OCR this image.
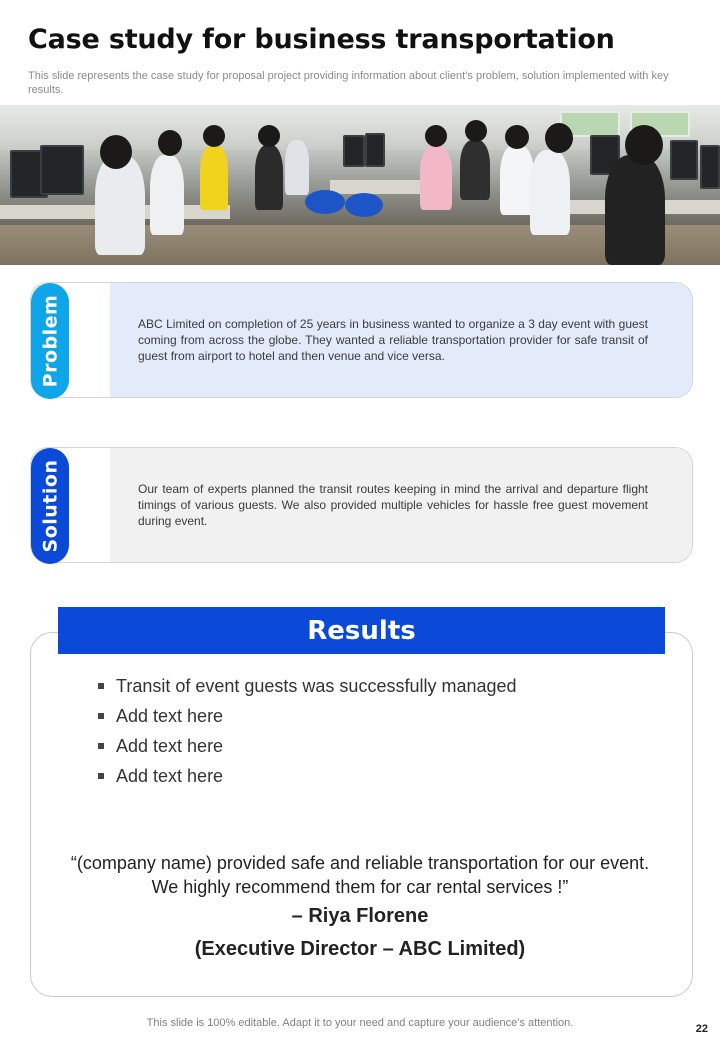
Case study for business transportation
This slide represents the case study for proposal project providing information about client’s problem, solution implemented with key results.
Problem	ABC Limited on completion of 25 years in business wanted to organize a 3 day event with guest coming from across the globe. They wanted a reliable transportation provider for safe transit of guest from airport to hotel and then venue and vice versa.
Solution	Our team of experts planned the transit routes keeping in mind the arrival and departure flight timings of various guests. We also provided multiple vehicles for hassle free guest movement during event.
Results
Transit of event guests was successfully managed
Add text here
Add text here
Add text here
“(company name) provided safe and reliable transportation for our event. We highly recommend them for car rental services !”
– Riya Florene
(Executive Director – ABC Limited)
This slide is 100% editable. Adapt it to your need and capture your audience’s attention.	22
